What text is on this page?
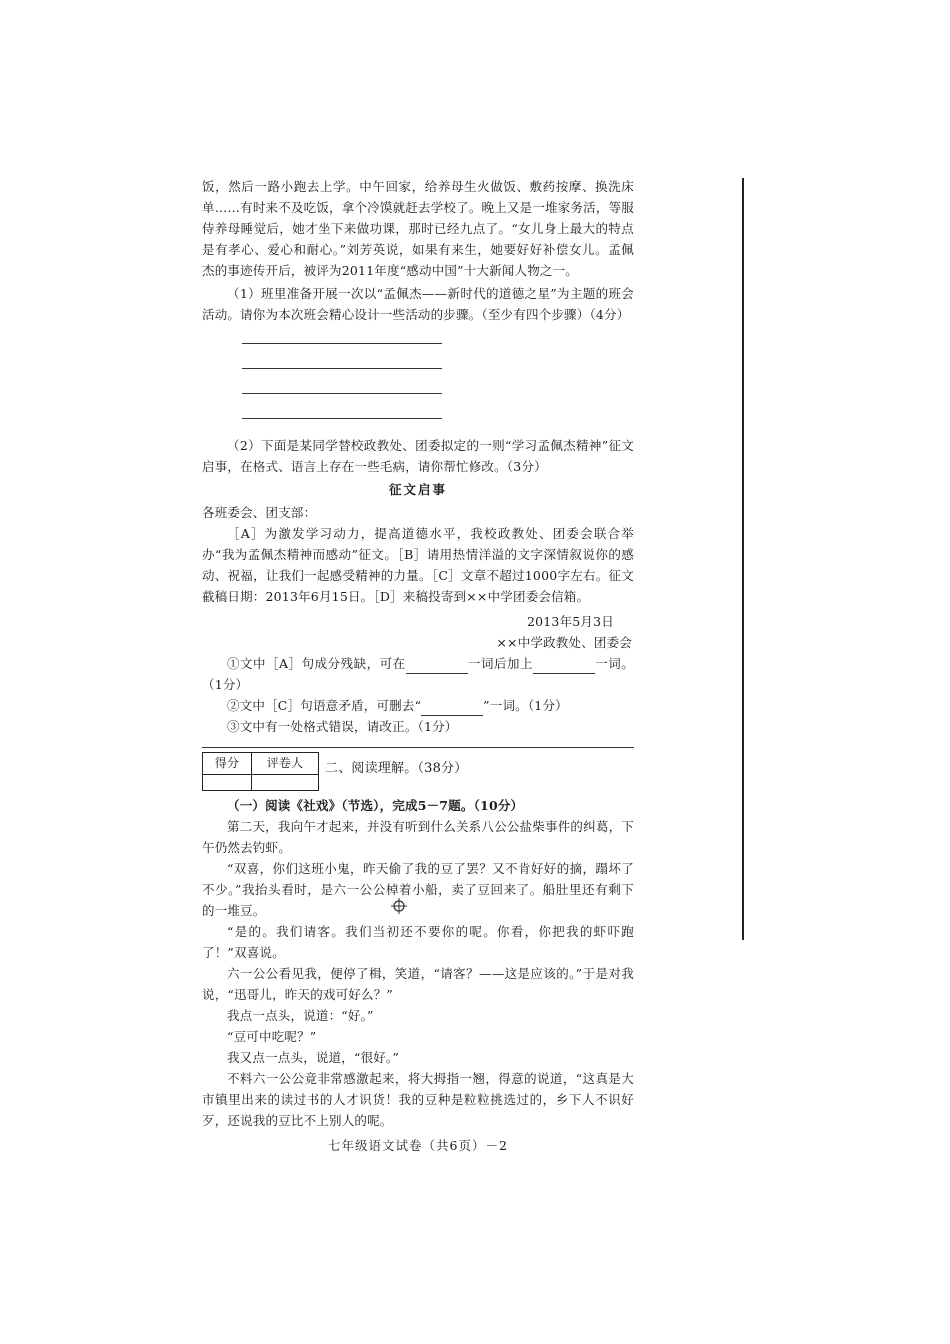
饭，然后一路小跑去上学。中午回家，给养母生火做饭、敷药按摩、换洗床单……有时来不及吃饭，拿个冷馍就赶去学校了。晚上又是一堆家务活，等服侍养母睡觉后，她才坐下来做功课，那时已经九点了。“女儿身上最大的特点是有孝心、爱心和耐心。”刘芳英说，如果有来生，她要好好补偿女儿。孟佩杰的事迹传开后，被评为2011年度“感动中国”十大新闻人物之一。

（1）班里准备开展一次以“孟佩杰——新时代的道德之星”为主题的班会活动。请你为本次班会精心设计一些活动的步骤。（至少有四个步骤）（4分）

（2）下面是某同学替校政教处、团委拟定的一则“学习孟佩杰精神”征文启事，在格式、语言上存在一些毛病，请你帮忙修改。（3分）

征文启事

各班委会、团支部：

［A］为激发学习动力，提高道德水平，我校政教处、团委会联合举办“我为孟佩杰精神而感动”征文。［B］请用热情洋溢的文字深情叙说你的感动、祝福，让我们一起感受精神的力量。［C］文章不超过1000字左右。征文截稿日期：2013年6月15日。［D］来稿投寄到××中学团委会信箱。

2013年5月3日

××中学政教处、团委会

①文中［A］句成分残缺，可在	一词后加上	一词。（1分）

②文中［C］句语意矛盾，可删去“	”一词。（1分）

③文中有一处格式错误，请改正。（1分）

得分	评卷人
	二、阅读理解。（38分）

（一）阅读《社戏》（节选），完成5－7题。（10分）

第二天，我向午才起来，并没有听到什么关系八公公盐柴事件的纠葛，下午仍然去钓虾。

“双喜，你们这班小鬼，昨天偷了我的豆了罢？又不肯好好的摘，蹋坏了不少。”我抬头看时，是六一公公棹着小船，卖了豆回来了。船肚里还有剩下的一堆豆。

“是的。我们请客。我们当初还不要你的呢。你看，你把我的虾吓跑了！”双喜说。

六一公公看见我，便停了楫，笑道，“请客？——这是应该的。”于是对我说，“迅哥儿，昨天的戏可好么？”

我点一点头，说道：“好。”

“豆可中吃呢？”

我又点一点头，说道，“很好。”

不料六一公公竟非常感激起来，将大拇指一翘，得意的说道，“这真是大市镇里出来的读过书的人才识货！我的豆种是粒粒挑选过的，乡下人不识好歹，还说我的豆比不上别人的呢。

七年级语文试卷（共6页）－2
